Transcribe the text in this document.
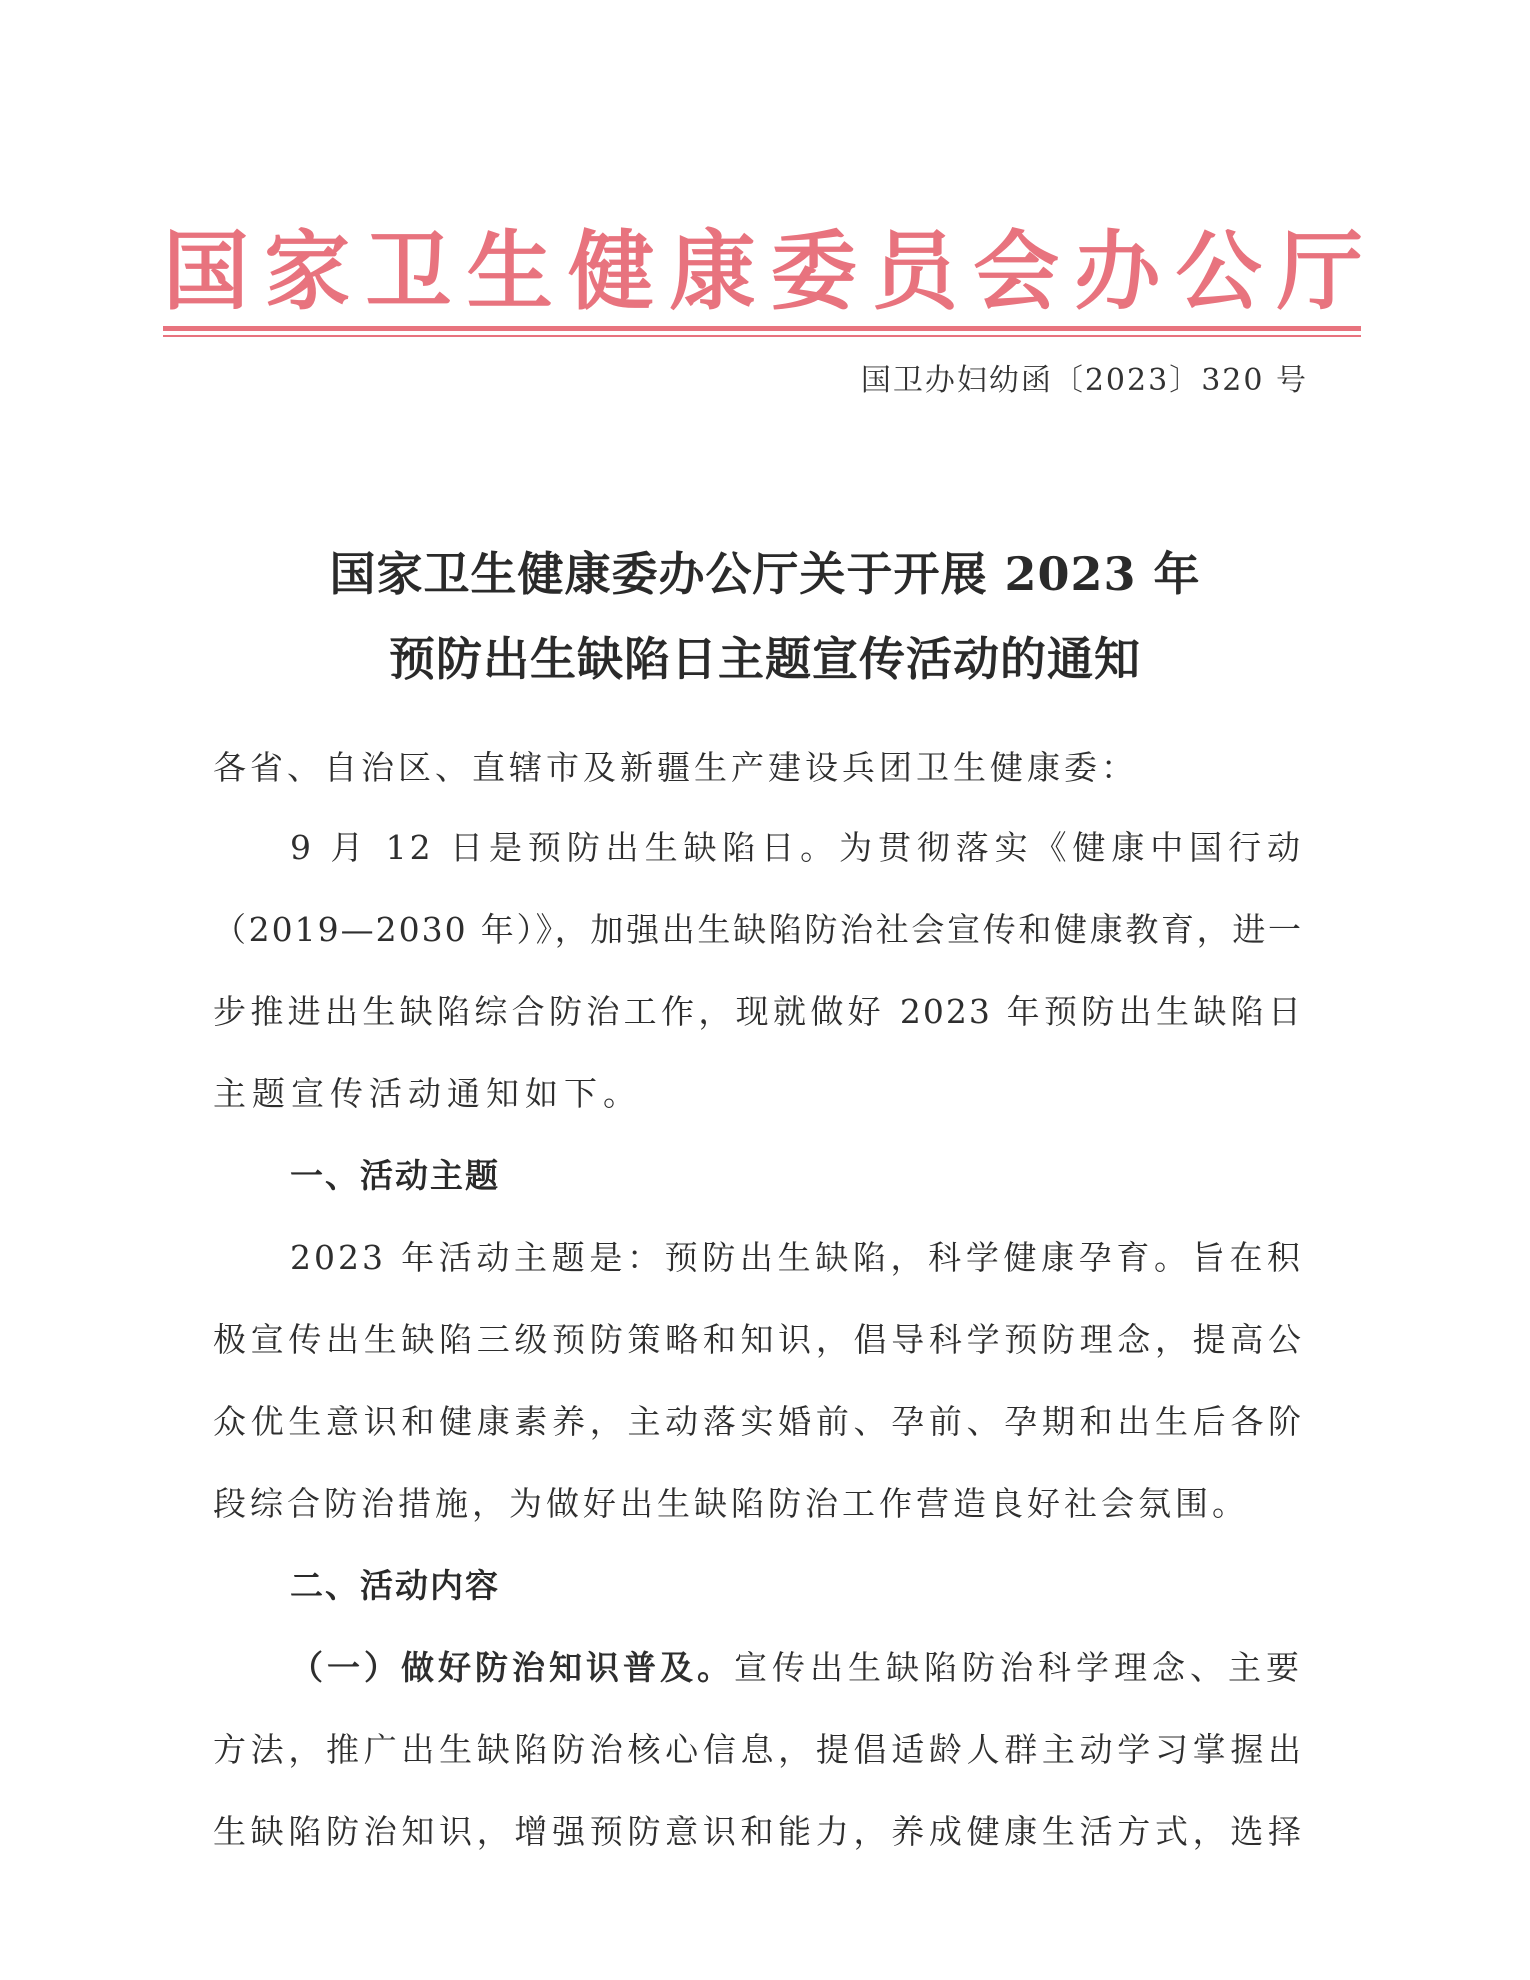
国 家 卫 生 健 康 委 员 会 办 公 厅
国卫办妇幼函〔2023〕320 号
国家卫生健康委办公厅关于开展 2023 年
预防出生缺陷日主题宣传活动的通知
各省、自治区、直辖市及新疆生产建设兵团卫生健康委：
9 月 12 日是预防出生缺陷日。为贯彻落实《健康中国行动
（2019—2030 年）》，加强出生缺陷防治社会宣传和健康教育，进一
步推进出生缺陷综合防治工作，现就做好 2023 年预防出生缺陷日
主题宣传活动通知如下。
一、活动主题
2023 年活动主题是：预防出生缺陷，科学健康孕育。旨在积
极宣传出生缺陷三级预防策略和知识，倡导科学预防理念，提高公
众优生意识和健康素养，主动落实婚前、孕前、孕期和出生后各阶
段综合防治措施，为做好出生缺陷防治工作营造良好社会氛围。
二、活动内容
（一）做好防治知识普及。 宣传出生缺陷防治科学理念、主要
方法，推广出生缺陷防治核心信息，提倡适龄人群主动学习掌握出
生缺陷防治知识，增强预防意识和能力，养成健康生活方式，选择
